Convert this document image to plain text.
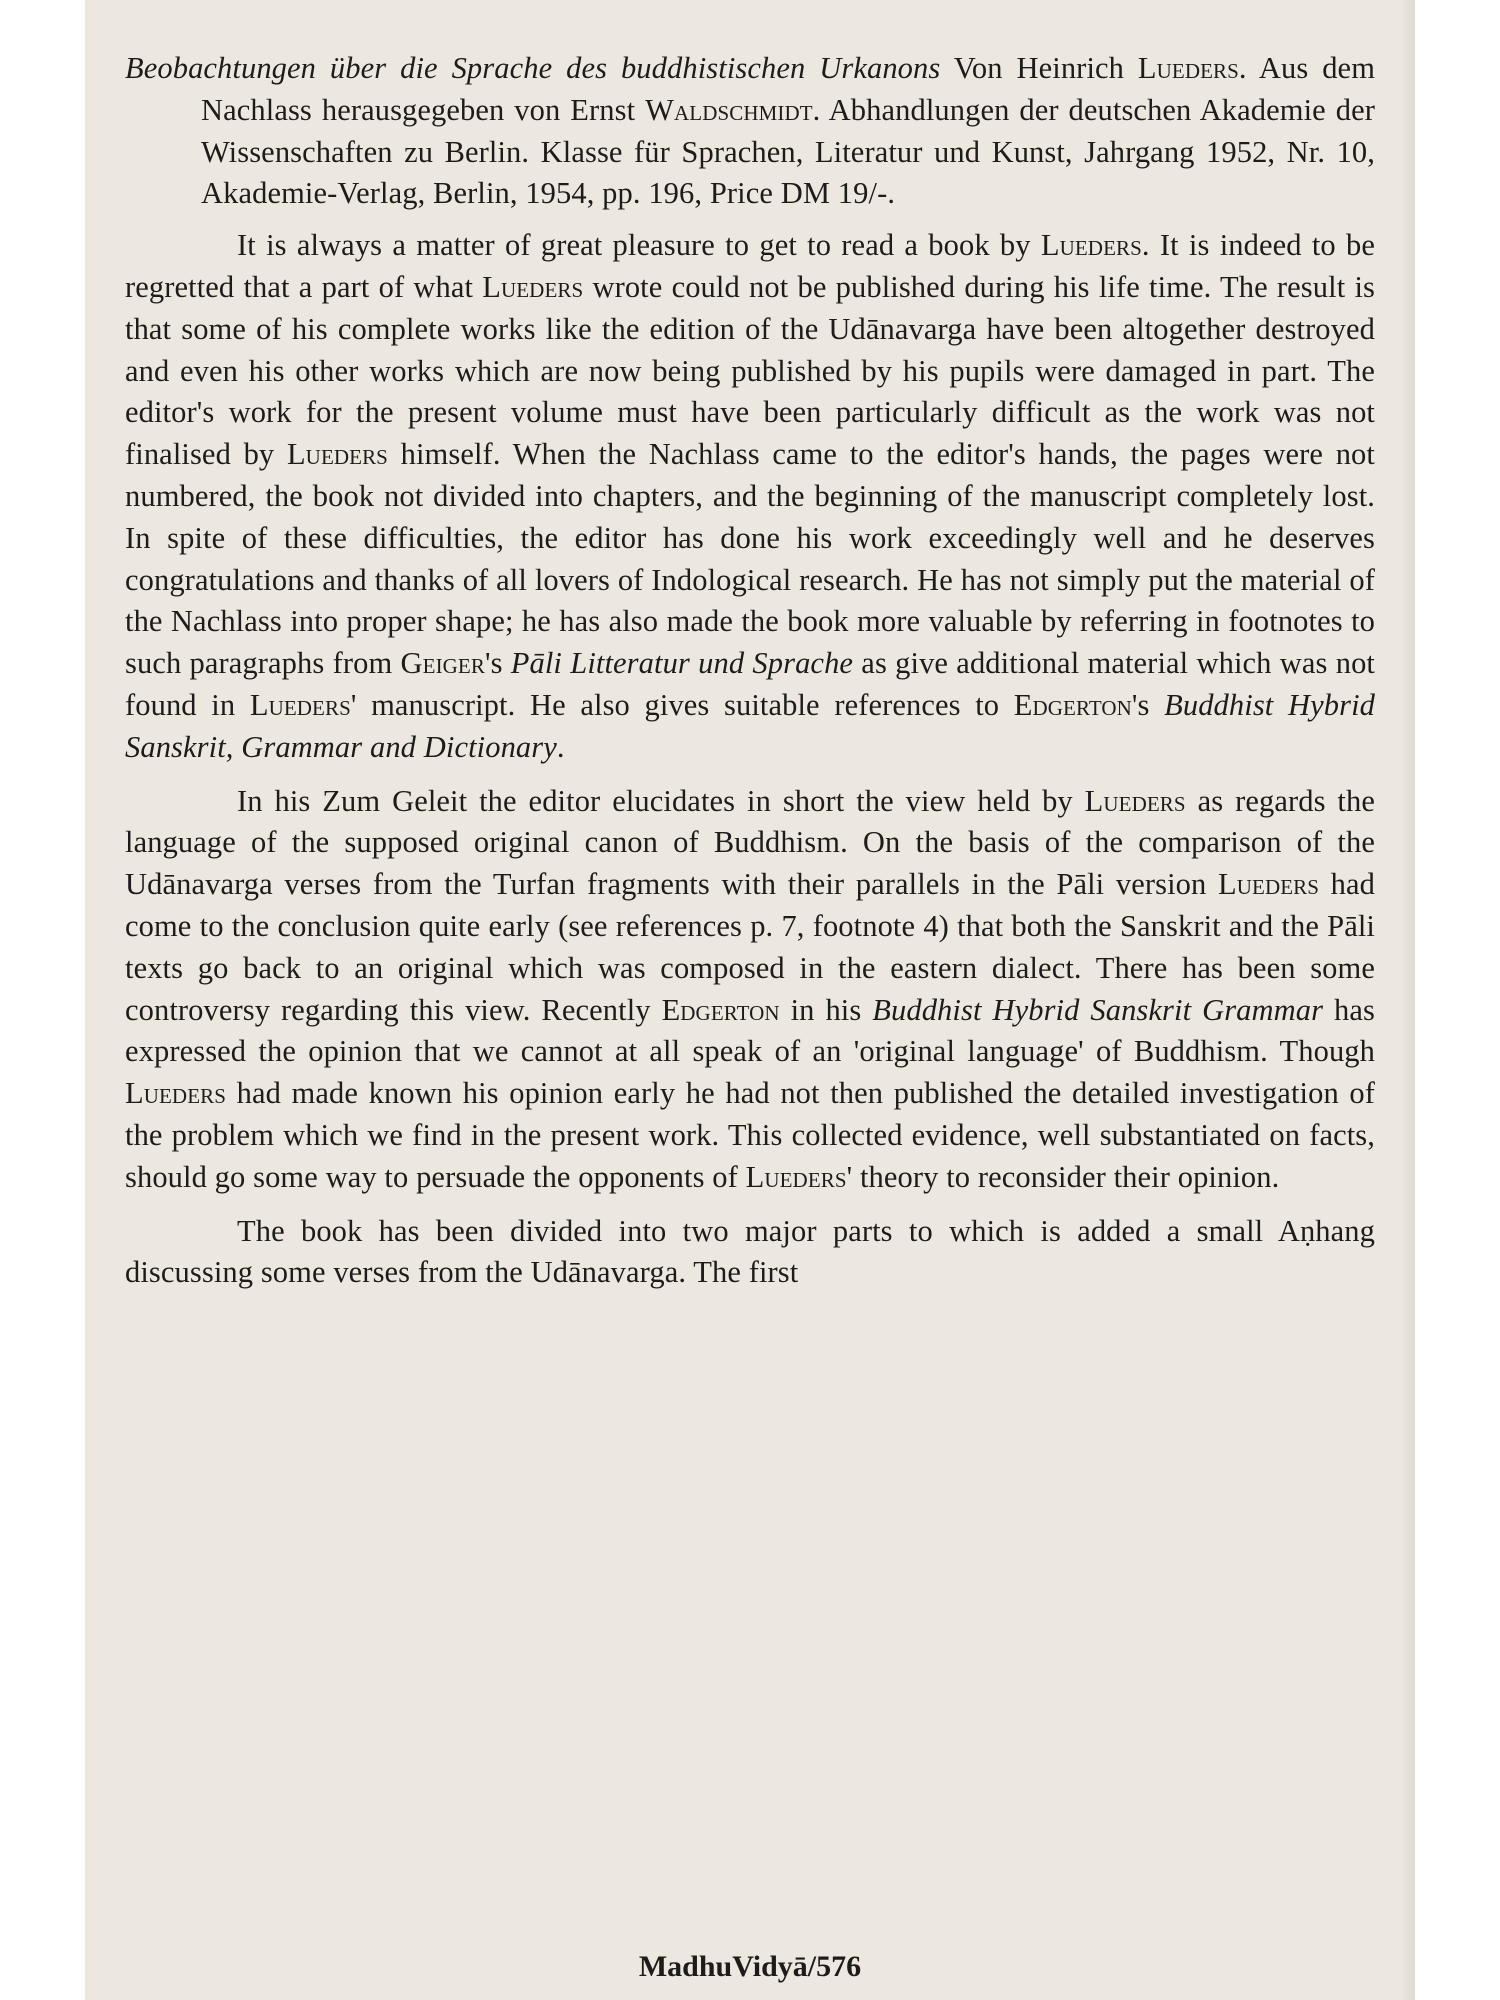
Beobachtungen über die Sprache des buddhistischen Urkanons Von Heinrich Lueders. Aus dem Nachlass herausgegeben von Ernst Waldschmidt. Abhandlungen der deutschen Akademie der Wissenschaften zu Berlin. Klasse für Sprachen, Literatur und Kunst, Jahrgang 1952, Nr. 10, Akademie-Verlag, Berlin, 1954, pp. 196, Price DM 19/-.

It is always a matter of great pleasure to get to read a book by Lueders. It is indeed to be regretted that a part of what Lueders wrote could not be published during his life time. The result is that some of his complete works like the edition of the Udānavarga have been altogether destroyed and even his other works which are now being published by his pupils were damaged in part. The editor's work for the present volume must have been particularly difficult as the work was not finalised by Lueders himself. When the Nachlass came to the editor's hands, the pages were not numbered, the book not divided into chapters, and the beginning of the manuscript completely lost. In spite of these difficulties, the editor has done his work exceedingly well and he deserves congratulations and thanks of all lovers of Indological research. He has not simply put the material of the Nachlass into proper shape; he has also made the book more valuable by referring in footnotes to such paragraphs from Geiger's Pāli Litteratur und Sprache as give additional material which was not found in Lueders' manuscript. He also gives suitable references to Edgerton's Buddhist Hybrid Sanskrit, Grammar and Dictionary.

In his Zum Geleit the editor elucidates in short the view held by Lueders as regards the language of the supposed original canon of Buddhism. On the basis of the comparison of the Udānavarga verses from the Turfan fragments with their parallels in the Pāli version Lueders had come to the conclusion quite early (see references p. 7, footnote 4) that both the Sanskrit and the Pāli texts go back to an original which was composed in the eastern dialect. There has been some controversy regarding this view. Recently Edgerton in his Buddhist Hybrid Sanskrit Grammar has expressed the opinion that we cannot at all speak of an 'original language' of Buddhism. Though Lueders had made known his opinion early he had not then published the detailed investigation of the problem which we find in the present work. This collected evidence, well substantiated on facts, should go some way to persuade the opponents of Lueders' theory to reconsider their opinion.

The book has been divided into two major parts to which is added a small Aṇhang discussing some verses from the Udānavarga. The first

MadhuVidyā/576
